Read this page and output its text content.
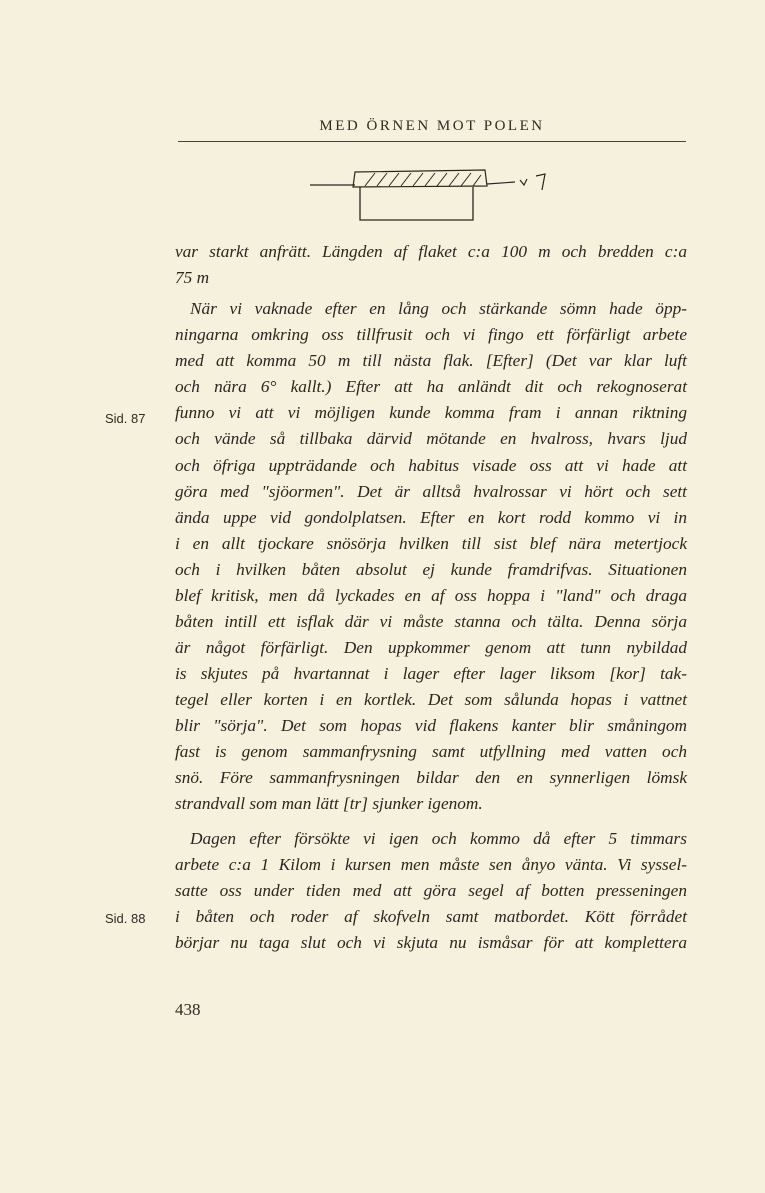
MED ÖRNEN MOT POLEN
var starkt anfrätt. Längden af flaket c:a 100 m och bredden c:a
75 m
När vi vaknade efter en lång och stärkande sömn hade öpp-
ningarna omkring oss tillfrusit och vi fingo ett förfärligt arbete
med att komma 50 m till nästa flak. [Efter] (Det var klar luft
och nära 6° kallt.) Efter att ha anländt dit och rekognoserat
funno vi att vi möjligen kunde komma fram i annan riktning
och vände så tillbaka därvid mötande en hvalross, hvars ljud
och öfriga uppträdande och habitus visade oss att vi hade att
göra med "sjöormen". Det är alltså hvalrossar vi hört och sett
ända uppe vid gondolplatsen. Efter en kort rodd kommo vi in
i en allt tjockare snösörja hvilken till sist blef nära metertjock
och i hvilken båten absolut ej kunde framdrifvas. Situationen
blef kritisk, men då lyckades en af oss hoppa i "land" och draga
båten intill ett isflak där vi måste stanna och tälta. Denna sörja
är något förfärligt. Den uppkommer genom att tunn nybildad
is skjutes på hvartannat i lager efter lager liksom [kor] tak-
tegel eller korten i en kortlek. Det som sålunda hopas i vattnet
blir "sörja". Det som hopas vid flakens kanter blir småningom
fast is genom sammanfrysning samt utfyllning med vatten och
snö. Före sammanfrysningen bildar den en synnerligen lömsk
strandvall som man lätt [tr] sjunker igenom.
Dagen efter försökte vi igen och kommo då efter 5 timmars
arbete c:a 1 Kilom i kursen men måste sen ånyo vänta. Vi syssel-
satte oss under tiden med att göra segel af botten presseningen
i båten och roder af skofveln samt matbordet. Kött förrådet
börjar nu taga slut och vi skjuta nu ismåsar för att komplettera
Sid. 87
Sid. 88
438
